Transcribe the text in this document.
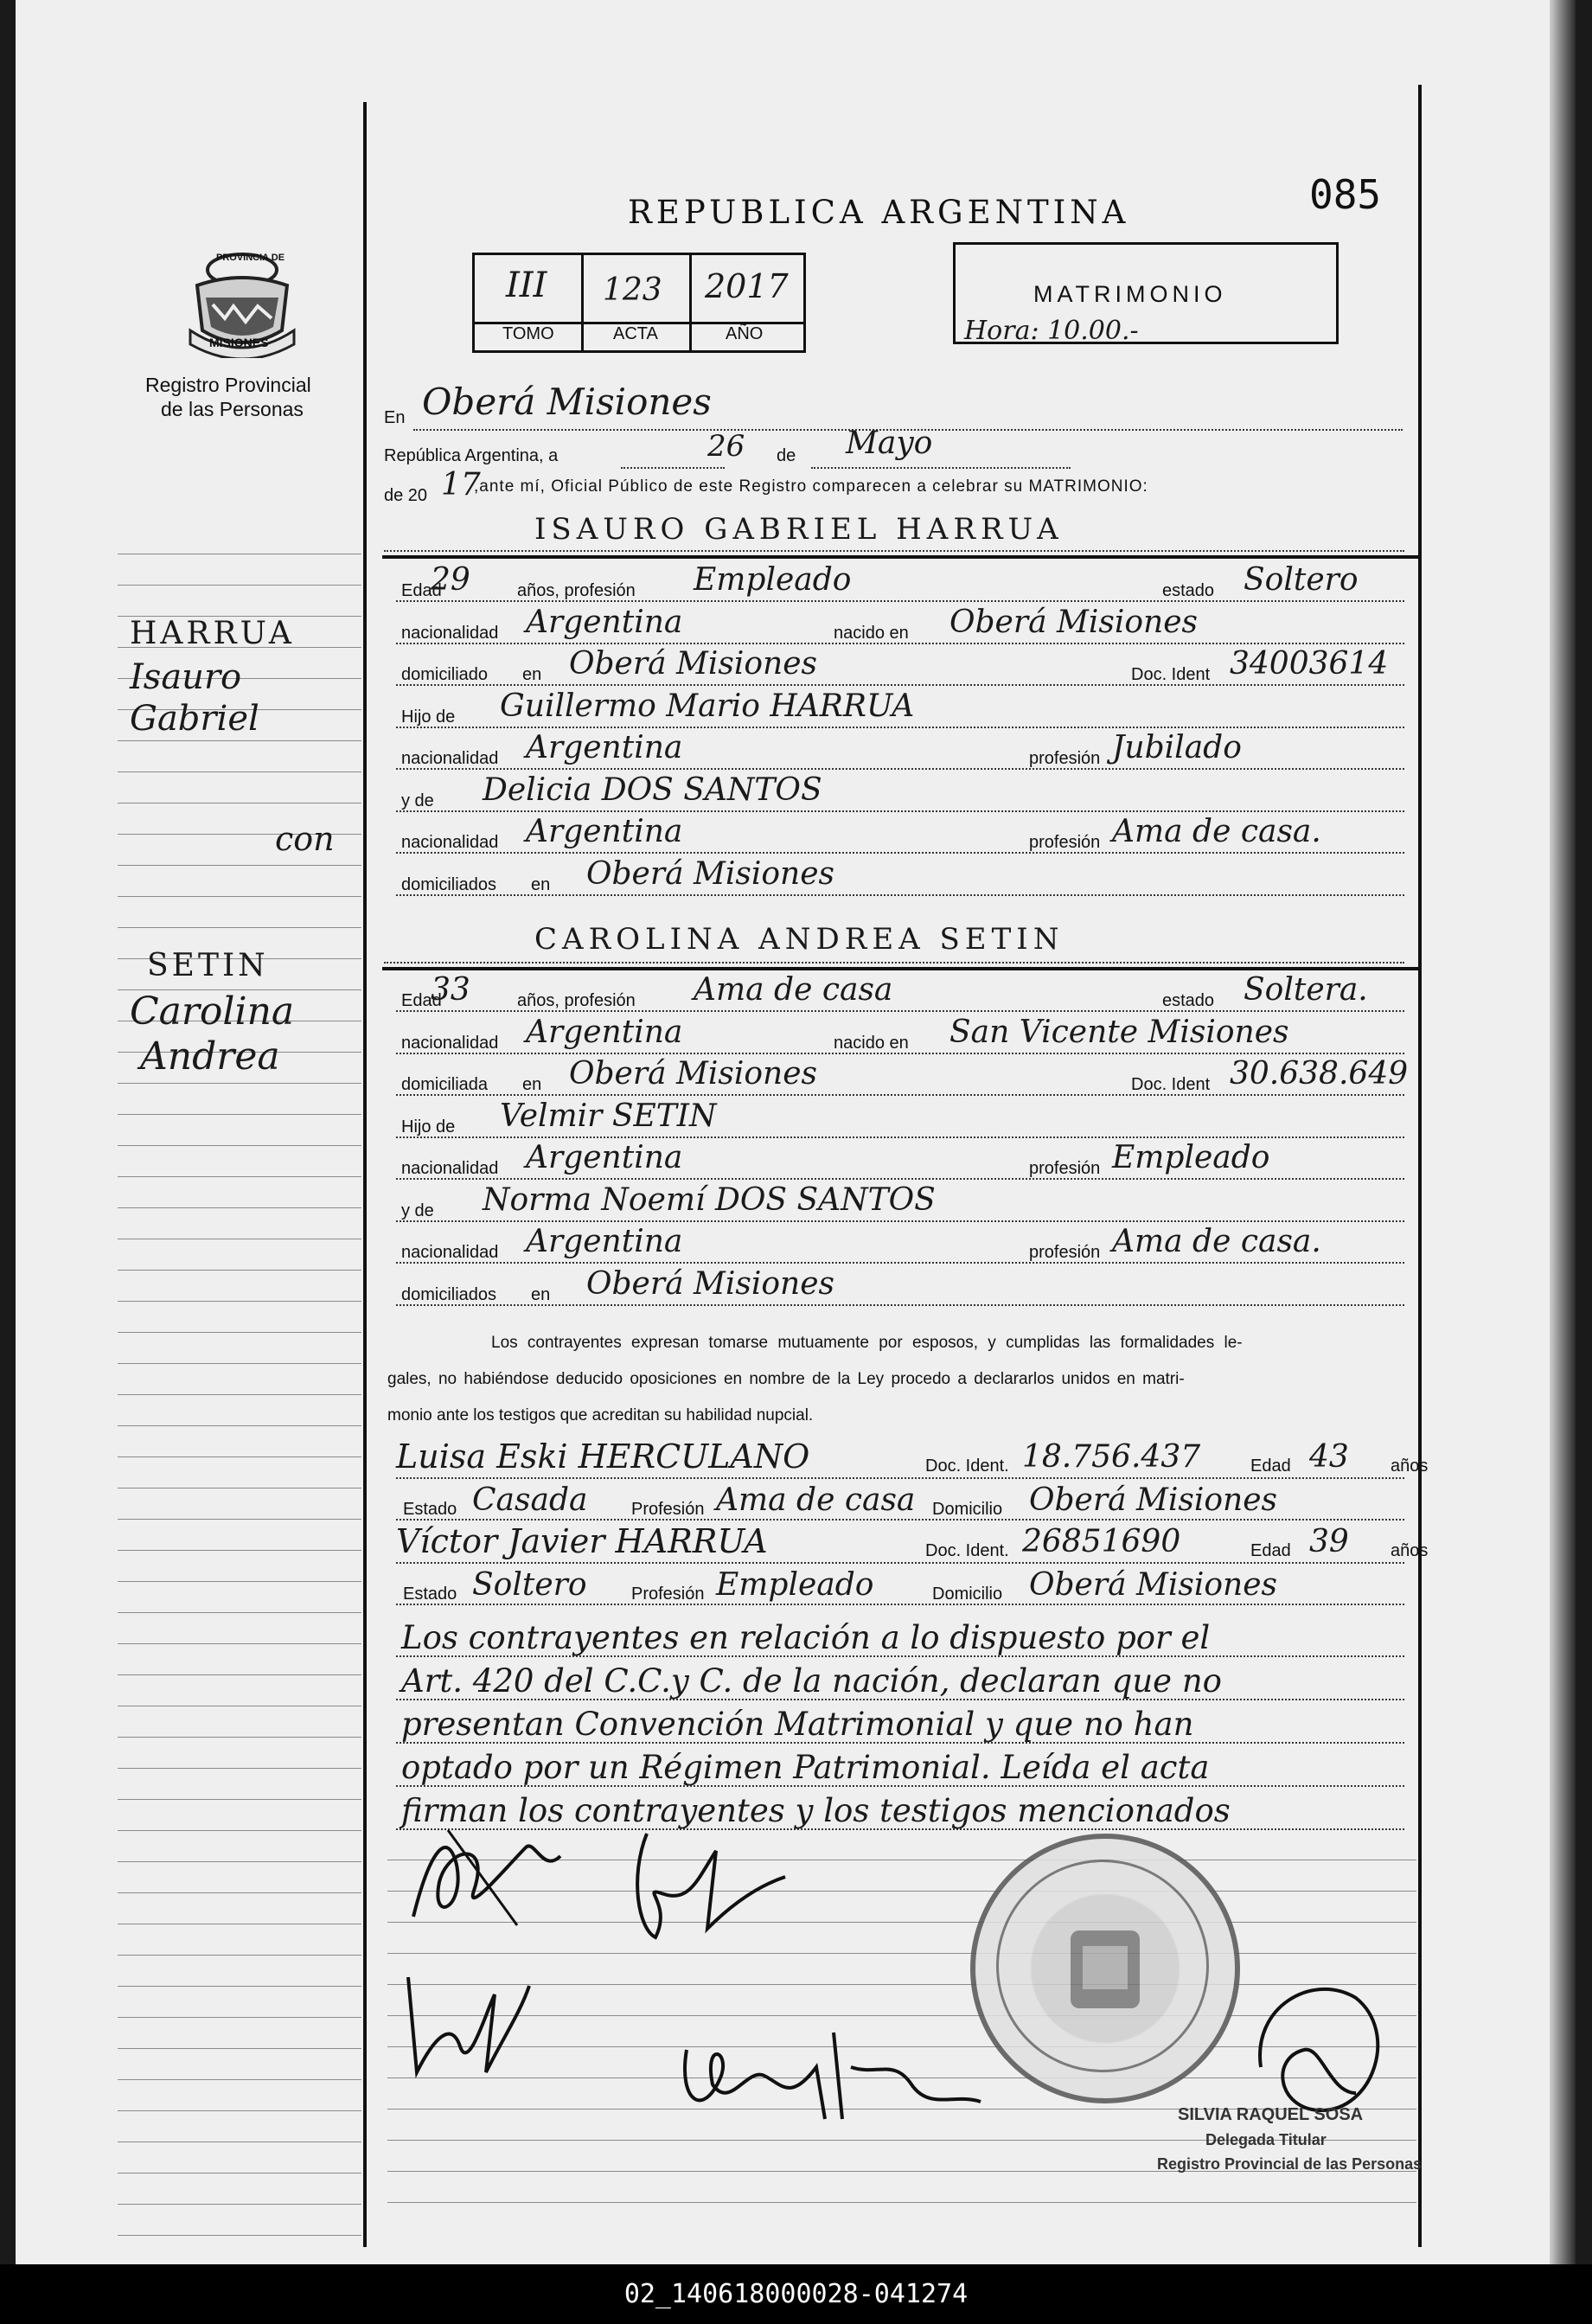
PROVINCIA DE
MISIONES
Registro Provincial
de las Personas
REPUBLICA ARGENTINA	085
III 123 2017
TOMO	ACTA	AÑO
MATRIMONIO
Hora: 10.00.-
En Oberá Misiones
República Argentina, a	26 de Mayo
de 20 17
,ante mí, Oficial Público de este Registro comparecen a celebrar su MATRIMONIO:
ISAURO GABRIEL HARRUA
Edad
29	años, profesión Empleado	estado Soltero
nacionalidad Argentina	nacido en Oberá Misiones
domiciliado en Oberá Misiones	Doc. Ident 34003614
Hijo de Guillermo Mario HARRUA
nacionalidad Argentina	profesión Jubilado
y de Delicia DOS SANTOS
nacionalidad Argentina	profesión Ama de casa.
domiciliados en Oberá Misiones
CAROLINA ANDREA SETIN
Edad
33	años, profesión Ama de casa	estado Soltera.
nacionalidad Argentina	nacido en San Vicente Misiones
domiciliada en Oberá Misiones	Doc. Ident 30.638.649
Hijo de Velmir SETIN
nacionalidad Argentina	profesión Empleado
y de Norma Noemí DOS SANTOS
nacionalidad Argentina	profesión Ama de casa.
domiciliados en Oberá Misiones
HARRUA
Isauro
Gabriel
con
SETIN
Carolina
Andrea
Los contrayentes expresan tomarse mutuamente por esposos, y cumplidas las formalidades le-
gales, no habiéndose deducido oposiciones en nombre de la Ley procedo a declararlos unidos en matri-
monio ante los testigos que acreditan su habilidad nupcial.
Luisa Eski HERCULANO	Doc. Ident. 18.756.437	Edad 43 años
Estado Casada	Profesión Ama de casa Domicilio Oberá Misiones
Víctor Javier HARRUA	Doc. Ident. 26851690	Edad 39 años
Estado Soltero	Profesión Empleado	Domicilio Oberá Misiones
Los contrayentes en relación a lo dispuesto por el
Art. 420 del C.C.y C. de la nación, declaran que no
presentan Convención Matrimonial y que no han
optado por un Régimen Patrimonial. Leída el acta
firman los contrayentes y los testigos mencionados
SILVIA RAQUEL SOSA
Delegada Titular
Registro Provincial de las Personas
02_140618000028-041274
